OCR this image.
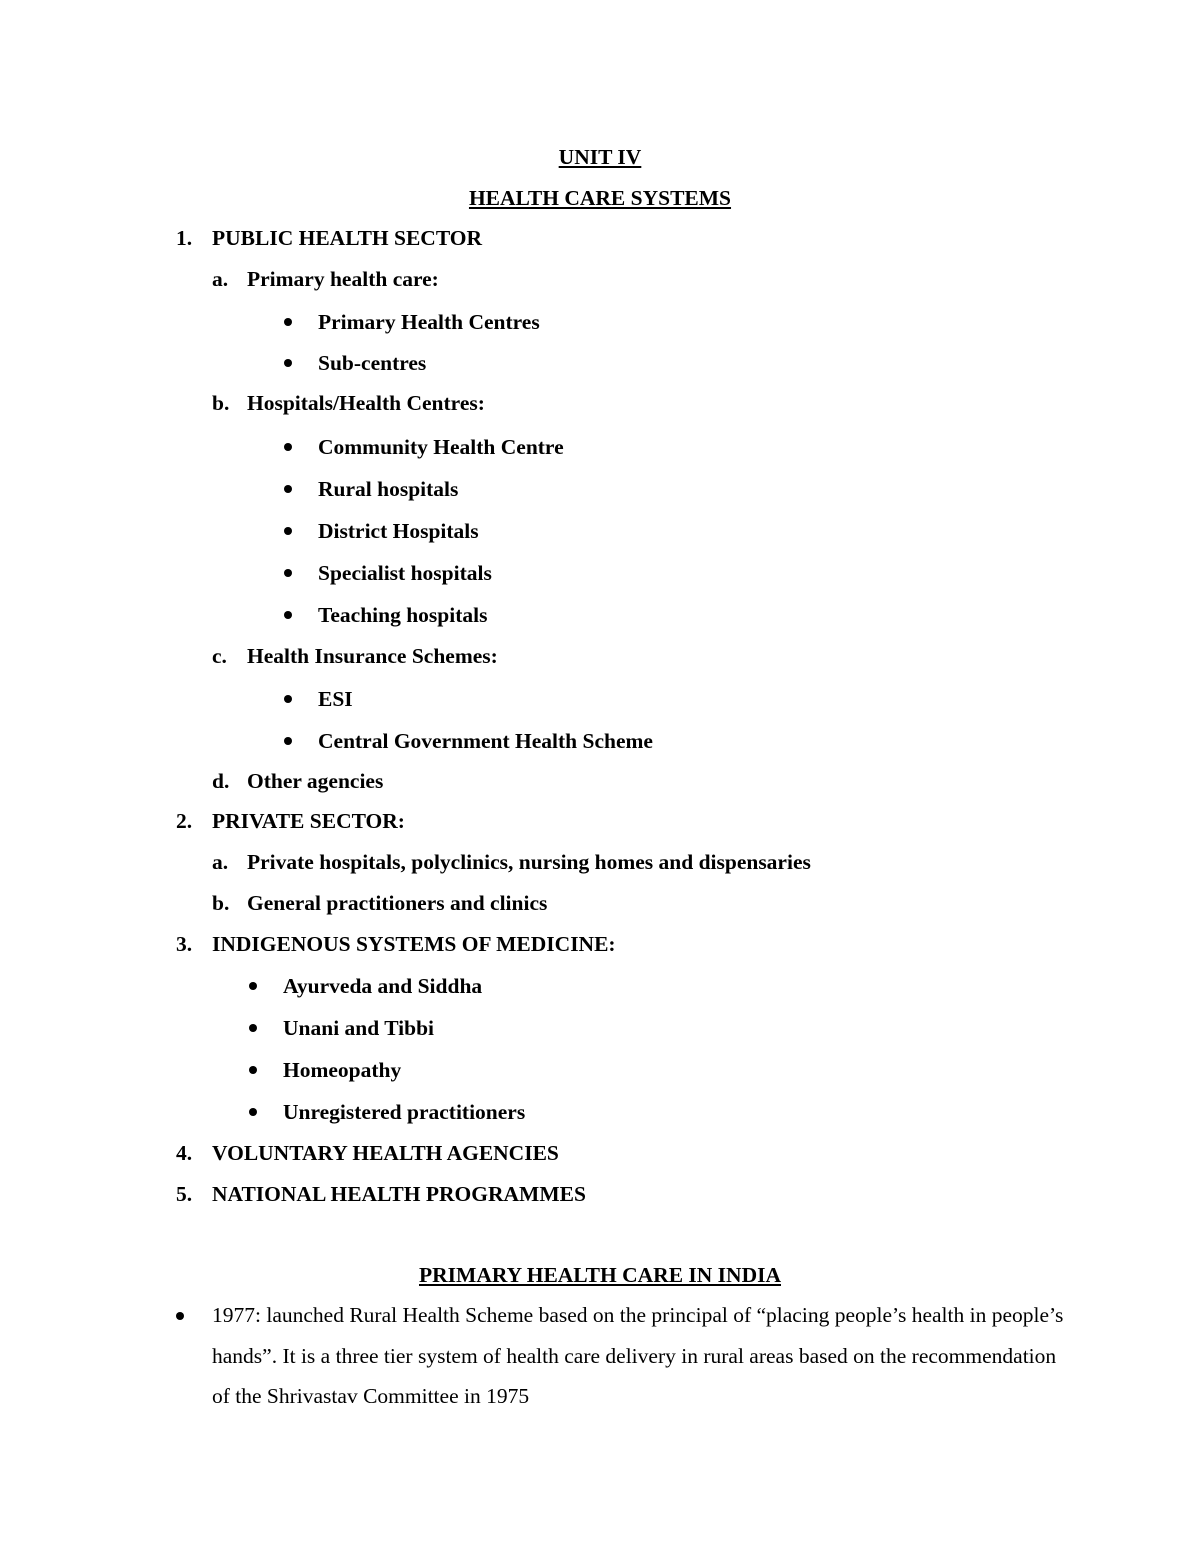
UNIT IV
HEALTH CARE SYSTEMS
1. PUBLIC HEALTH SECTOR
a. Primary health care:
Primary Health Centres
Sub-centres
b. Hospitals/Health Centres:
Community Health Centre
Rural hospitals
District Hospitals
Specialist hospitals
Teaching hospitals
c. Health Insurance Schemes:
ESI
Central Government Health Scheme
d. Other agencies
2. PRIVATE SECTOR:
a. Private hospitals, polyclinics, nursing homes and dispensaries
b. General practitioners and clinics
3. INDIGENOUS SYSTEMS OF MEDICINE:
Ayurveda and Siddha
Unani and Tibbi
Homeopathy
Unregistered practitioners
4. VOLUNTARY HEALTH AGENCIES
5. NATIONAL HEALTH PROGRAMMES
PRIMARY HEALTH CARE IN INDIA
1977: launched Rural Health Scheme based on the principal of “placing people’s health in people’s hands”. It is a three tier system of health care delivery in rural areas based on the recommendation of the Shrivastav Committee in 1975
